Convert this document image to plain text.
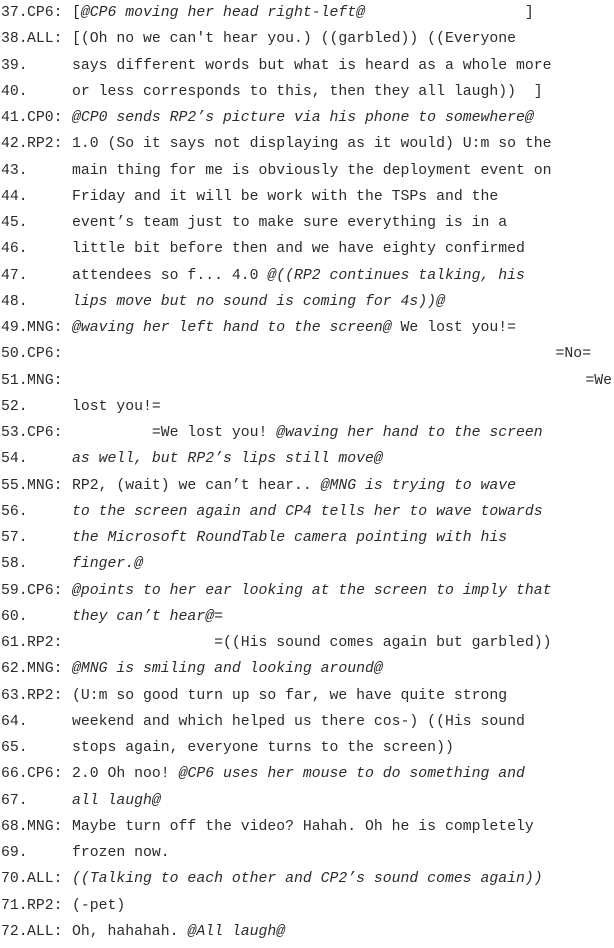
37. CP6: [@CP6 moving her head right-left@                  ]
38. ALL: [(Oh no we can't hear you.) ((garbled)) ((Everyone
39.	says different words but what is heard as a whole more
40.	or less corresponds to this, then they all laugh))  ]
41. CP0: @CP0 sends RP2’s picture via his phone to somewhere@
42. RP2: 1.0 (So it says not displaying as it would) U:m so the
43.	main thing for me is obviously the deployment event on
44.	Friday and it will be work with the TSPs and the
45.	event’s team just to make sure everything is in a
46.	little bit before then and we have eighty confirmed
47.	attendees so f... 4.0 @((RP2 continues talking, his
48.	lips move but no sound is coming for 4s))@
49. MNG: @waving her left hand to the screen@ We lost you!=
50. CP6:	=No=
51. MNG:	=We
52.	lost you!=
53. CP6: =We lost you! @waving her hand to the screen
54.	as well, but RP2’s lips still move@
55. MNG: RP2, (wait) we can’t hear.. @MNG is trying to wave
56.	to the screen again and CP4 tells her to wave towards
57.	the Microsoft RoundTable camera pointing with his
58.	finger.@
59. CP6: @points to her ear looking at the screen to imply that
60.	they can’t hear@=
61. RP2: =((His sound comes again but garbled))
62. MNG: @MNG is smiling and looking around@
63. RP2: (U:m so good turn up so far, we have quite strong
64.	weekend and which helped us there cos-) ((His sound
65.	stops again, everyone turns to the screen))
66. CP6: 2.0 Oh noo! @CP6 uses her mouse to do something and
67.	all laugh@
68. MNG: Maybe turn off the video? Hahah. Oh he is completely
69.	frozen now.
70. ALL: ((Talking to each other and CP2’s sound comes again))
71. RP2: (-pet)
72. ALL: Oh, hahahah. @All laugh@
